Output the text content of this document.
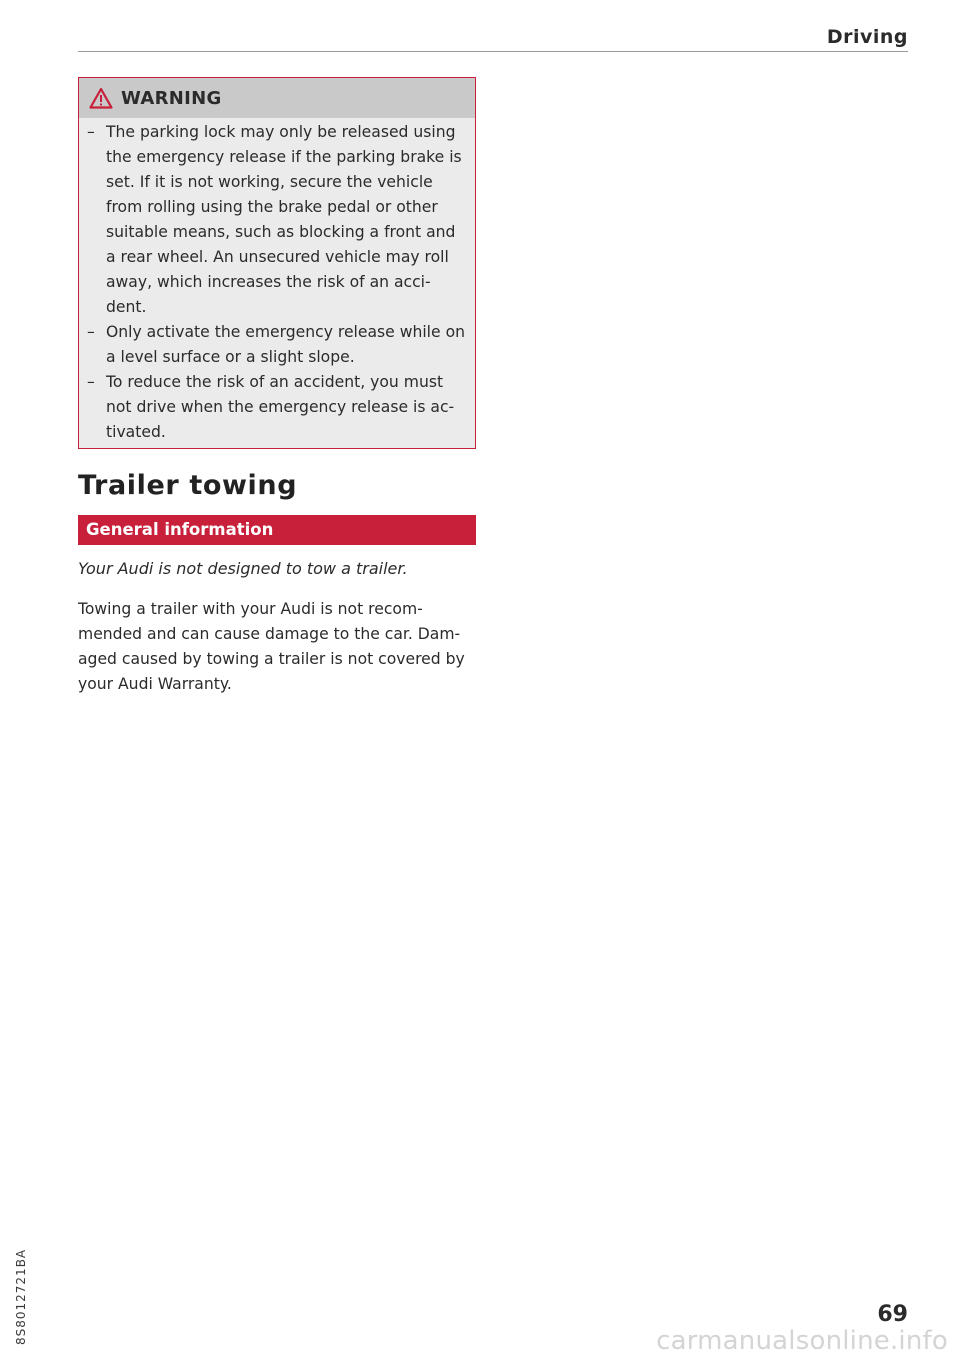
Driving
WARNING
– The parking lock may only be released using the emergency release if the parking brake is set. If it is not working, secure the vehicle from rolling using the brake pedal or other suitable means, such as blocking a front and a rear wheel. An unsecured vehicle may roll away, which increases the risk of an acci-dent.
– Only activate the emergency release while on a level surface or a slight slope.
– To reduce the risk of an accident, you must not drive when the emergency release is ac-tivated.
Trailer towing
General information
Your Audi is not designed to tow a trailer.

Towing a trailer with your Audi is not recom-mended and can cause damage to the car. Dam-aged caused by towing a trailer is not covered by your Audi Warranty.

8S8012721BA	69
carmanualsonline.info
